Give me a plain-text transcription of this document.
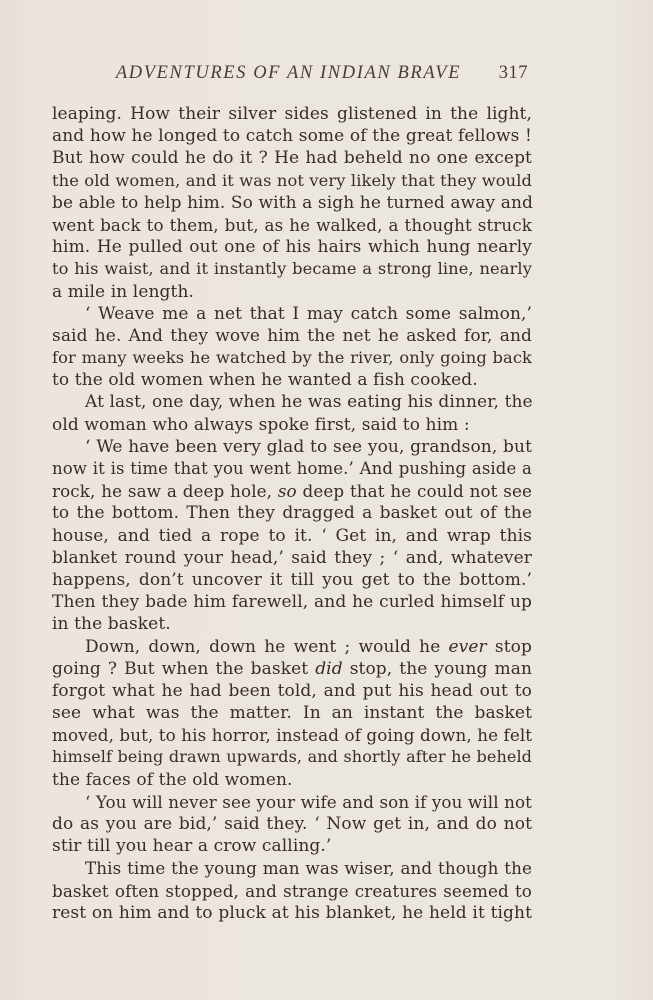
ADVENTURES OF AN INDIAN BRAVE	317
leaping. How their silver sides glistened in the light,
and how he longed to catch some of the great fellows !
But how could he do it ? He had beheld no one except
the old women, and it was not very likely that they would
be able to help him. So with a sigh he turned away and
went back to them, but, as he walked, a thought struck
him. He pulled out one of his hairs which hung nearly
to his waist, and it instantly became a strong line, nearly
a mile in length.
‘ Weave me a net that I may catch some salmon,’
said he. And they wove him the net he asked for, and
for many weeks he watched by the river, only going back
to the old women when he wanted a fish cooked.
At last, one day, when he was eating his dinner, the
old woman who always spoke first, said to him :
‘ We have been very glad to see you, grandson, but
now it is time that you went home.’ And pushing aside a
rock, he saw a deep hole, so deep that he could not see
to the bottom. Then they dragged a basket out of the
house, and tied a rope to it. ‘ Get in, and wrap this
blanket round your head,’ said they ; ‘ and, whatever
happens, don’t uncover it till you get to the bottom.’
Then they bade him farewell, and he curled himself up
in the basket.
Down, down, down he went ; would he ever stop
going ? But when the basket did stop, the young man
forgot what he had been told, and put his head out to
see what was the matter. In an instant the basket
moved, but, to his horror, instead of going down, he felt
himself being drawn upwards, and shortly after he beheld
the faces of the old women.
‘ You will never see your wife and son if you will not
do as you are bid,’ said they. ‘ Now get in, and do not
stir till you hear a crow calling.’
This time the young man was wiser, and though the
basket often stopped, and strange creatures seemed to
rest on him and to pluck at his blanket, he held it tight
